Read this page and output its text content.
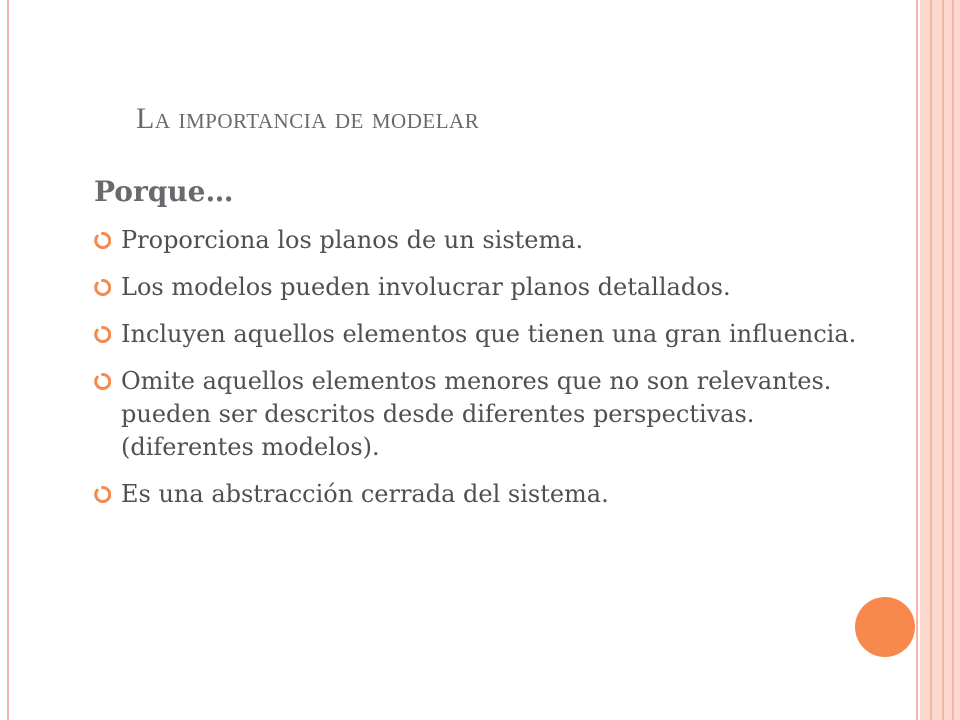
La importancia de modelar
Porque…
Proporciona los planos de un sistema.
Los modelos pueden involucrar planos detallados.
Incluyen aquellos elementos que tienen una gran influencia.
Omite aquellos elementos menores que no son relevantes. pueden ser descritos desde diferentes perspectivas.(diferentes modelos).
Es una abstracción cerrada del sistema.
